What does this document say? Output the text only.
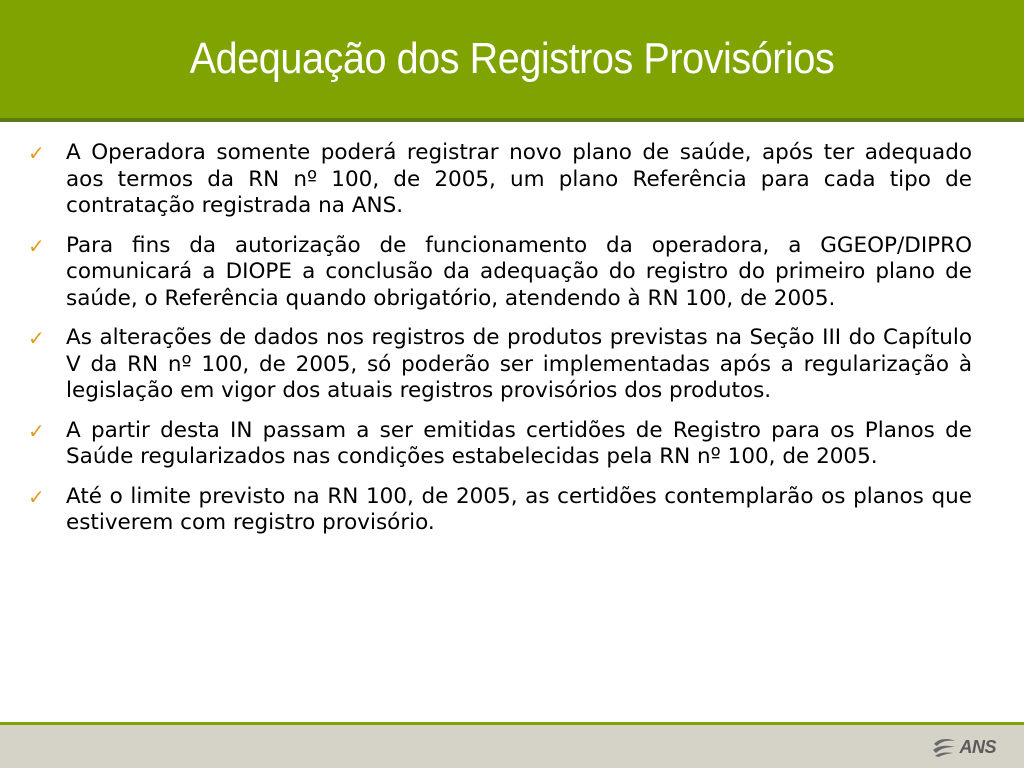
Adequação dos Registros Provisórios
✓ A Operadora somente poderá registrar novo plano de saúde, após ter adequado aos termos da RN nº 100, de 2005, um plano Referência para cada tipo de contratação registrada na ANS.
✓ Para fins da autorização de funcionamento da operadora, a GGEOP/DIPRO comunicará a DIOPE a conclusão da adequação do registro do primeiro plano de saúde, o Referência quando obrigatório, atendendo à RN 100, de 2005.
✓ As alterações de dados nos registros de produtos previstas na Seção III do Capítulo V da RN nº 100, de 2005, só poderão ser implementadas após a regularização à legislação em vigor dos atuais registros provisórios dos produtos.
✓ A partir desta IN passam a ser emitidas certidões de Registro para os Planos de Saúde regularizados nas condições estabelecidas pela RN nº 100, de 2005.
✓ Até o limite previsto na RN 100, de 2005, as certidões contemplarão os planos que estiverem com registro provisório.
ANS
